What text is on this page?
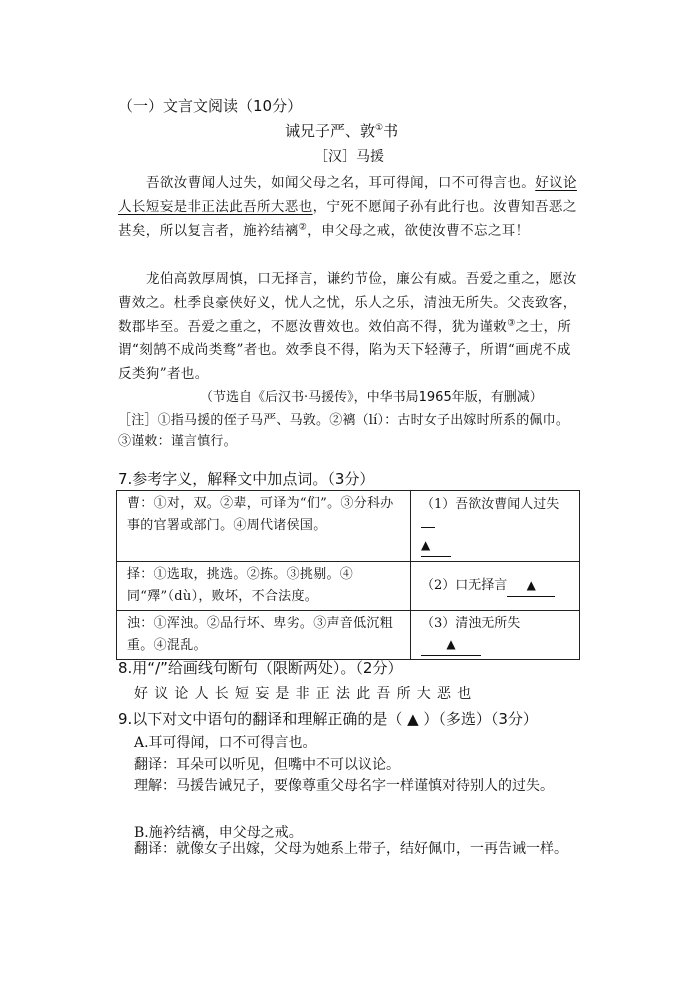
（一）文言文阅读（10分）
诫兄子严、敦①书
［汉］马援

吾欲汝曹闻人过失，如闻父母之名，耳可得闻，口不可得言也。好议论人长短妄是非正法此吾所大恶也，宁死不愿闻子孙有此行也。汝曹知吾恶之甚矣，所以复言者，施衿结褵②，申父母之戒，欲使汝曹不忘之耳！

龙伯高敦厚周慎，口无择言，谦约节俭，廉公有威。吾爱之重之，愿汝曹效之。杜季良豪侠好义，忧人之忧，乐人之乐，清浊无所失。父丧致客，数郡毕至。吾爱之重之，不愿汝曹效也。效伯高不得，犹为谨敕③之士，所谓“刻鹄不成尚类鹜”者也。效季良不得，陷为天下轻薄子，所谓“画虎不成反类狗”者也。

（节选自《后汉书·马援传》，中华书局1965年版，有删减）
［注］①指马援的侄子马严、马敦。②褵（lí）：古时女子出嫁时所系的佩巾。③谨敕：谨言慎行。
7.参考字义，解释文中加点词。（3分）
曹：①对，双。②辈，可译为“们”。③分科办事的官署或部门。④周代诸侯国。	（1）吾欲汝曹闻人过失
▲
择：①选取，挑选。②拣。③挑剔。④同“殬”（dù），败坏，不合法度。	（2）口无择言 ▲
浊：①浑浊。②品行坏、卑劣。③声音低沉粗重。④混乱。	（3）清浊无所失▲
8.用“/”给画线句断句（限断两处）。（2分）
好议论人长短妄是非正法此吾所大恶也
9.以下对文中语句的翻译和理解正确的是（ ▲ ）（多选）（3分）
A.耳可得闻，口不可得言也。
翻译：耳朵可以听见，但嘴中不可以议论。
理解：马援告诫兄子，要像尊重父母名字一样谨慎对待别人的过失。
B.施衿结褵，申父母之戒。
翻译：就像女子出嫁，父母为她系上带子，结好佩巾，一再告诫一样。
